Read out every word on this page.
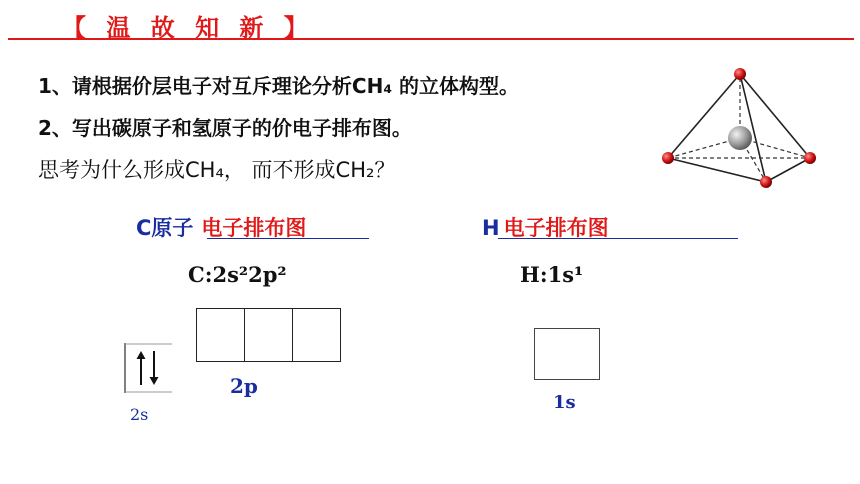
【 温 故 知 新 】
1、请根据价层电子对互斥理论分析CH₄ 的立体构型。
2、写出碳原子和氢原子的价电子排布图。
思考为什么形成CH₄， 而不形成CH₂？
C原子 电子排布图
C:2s²2p²
2p
2s
H 电子排布图
H:1s¹
1s
